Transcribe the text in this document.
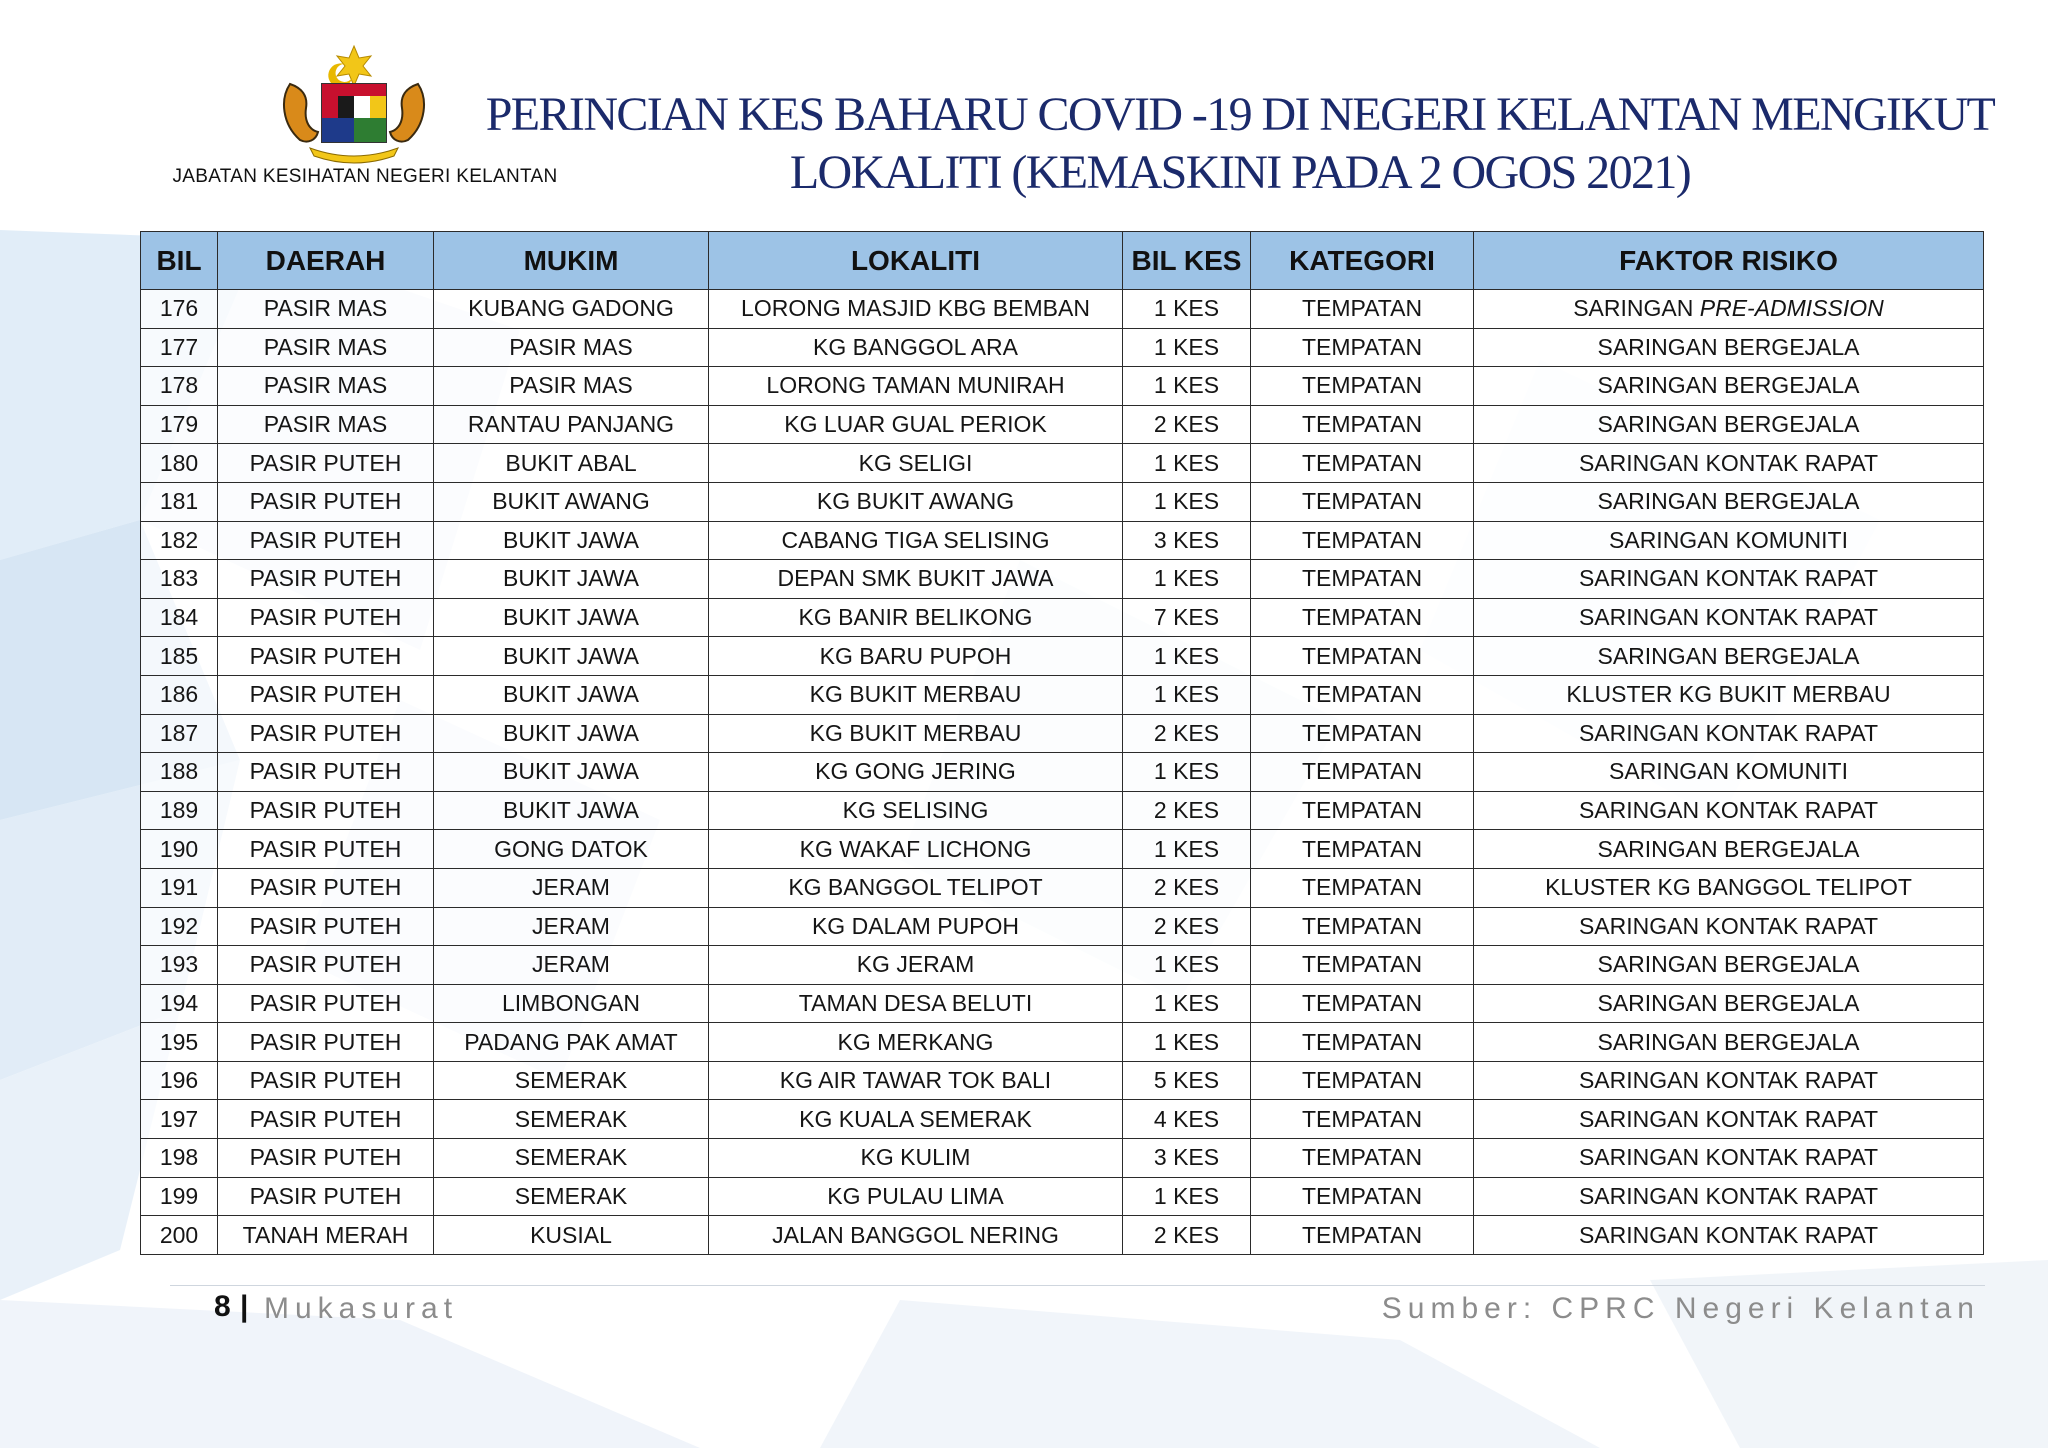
JABATAN KESIHATAN NEGERI KELANTAN
PERINCIAN KES BAHARU COVID -19 DI NEGERI KELANTAN MENGIKUT
LOKALITI (KEMASKINI PADA 2 OGOS 2021)
BIL	DAERAH	MUKIM	LOKALITI	BIL KES	KATEGORI	FAKTOR RISIKO
176	PASIR MAS	KUBANG GADONG	LORONG MASJID KBG BEMBAN	1 KES	TEMPATAN	SARINGAN PRE-ADMISSION
177	PASIR MAS	PASIR MAS	KG BANGGOL ARA	1 KES	TEMPATAN	SARINGAN BERGEJALA
178	PASIR MAS	PASIR MAS	LORONG TAMAN MUNIRAH	1 KES	TEMPATAN	SARINGAN BERGEJALA
179	PASIR MAS	RANTAU PANJANG	KG LUAR GUAL PERIOK	2 KES	TEMPATAN	SARINGAN BERGEJALA
180	PASIR PUTEH	BUKIT ABAL	KG SELIGI	1 KES	TEMPATAN	SARINGAN KONTAK RAPAT
181	PASIR PUTEH	BUKIT AWANG	KG BUKIT AWANG	1 KES	TEMPATAN	SARINGAN BERGEJALA
182	PASIR PUTEH	BUKIT JAWA	CABANG TIGA SELISING	3 KES	TEMPATAN	SARINGAN KOMUNITI
183	PASIR PUTEH	BUKIT JAWA	DEPAN SMK BUKIT JAWA	1 KES	TEMPATAN	SARINGAN KONTAK RAPAT
184	PASIR PUTEH	BUKIT JAWA	KG BANIR BELIKONG	7 KES	TEMPATAN	SARINGAN KONTAK RAPAT
185	PASIR PUTEH	BUKIT JAWA	KG BARU PUPOH	1 KES	TEMPATAN	SARINGAN BERGEJALA
186	PASIR PUTEH	BUKIT JAWA	KG BUKIT MERBAU	1 KES	TEMPATAN	KLUSTER KG BUKIT MERBAU
187	PASIR PUTEH	BUKIT JAWA	KG BUKIT MERBAU	2 KES	TEMPATAN	SARINGAN KONTAK RAPAT
188	PASIR PUTEH	BUKIT JAWA	KG GONG JERING	1 KES	TEMPATAN	SARINGAN KOMUNITI
189	PASIR PUTEH	BUKIT JAWA	KG SELISING	2 KES	TEMPATAN	SARINGAN KONTAK RAPAT
190	PASIR PUTEH	GONG DATOK	KG WAKAF LICHONG	1 KES	TEMPATAN	SARINGAN BERGEJALA
191	PASIR PUTEH	JERAM	KG BANGGOL TELIPOT	2 KES	TEMPATAN	KLUSTER KG BANGGOL TELIPOT
192	PASIR PUTEH	JERAM	KG DALAM PUPOH	2 KES	TEMPATAN	SARINGAN KONTAK RAPAT
193	PASIR PUTEH	JERAM	KG JERAM	1 KES	TEMPATAN	SARINGAN BERGEJALA
194	PASIR PUTEH	LIMBONGAN	TAMAN DESA BELUTI	1 KES	TEMPATAN	SARINGAN BERGEJALA
195	PASIR PUTEH	PADANG PAK AMAT	KG MERKANG	1 KES	TEMPATAN	SARINGAN BERGEJALA
196	PASIR PUTEH	SEMERAK	KG AIR TAWAR TOK BALI	5 KES	TEMPATAN	SARINGAN KONTAK RAPAT
197	PASIR PUTEH	SEMERAK	KG KUALA SEMERAK	4 KES	TEMPATAN	SARINGAN KONTAK RAPAT
198	PASIR PUTEH	SEMERAK	KG KULIM	3 KES	TEMPATAN	SARINGAN KONTAK RAPAT
199	PASIR PUTEH	SEMERAK	KG PULAU LIMA	1 KES	TEMPATAN	SARINGAN KONTAK RAPAT
200	TANAH MERAH	KUSIAL	JALAN BANGGOL NERING	2 KES	TEMPATAN	SARINGAN KONTAK RAPAT
8 | Mukasurat	Sumber: CPRC Negeri Kelantan
